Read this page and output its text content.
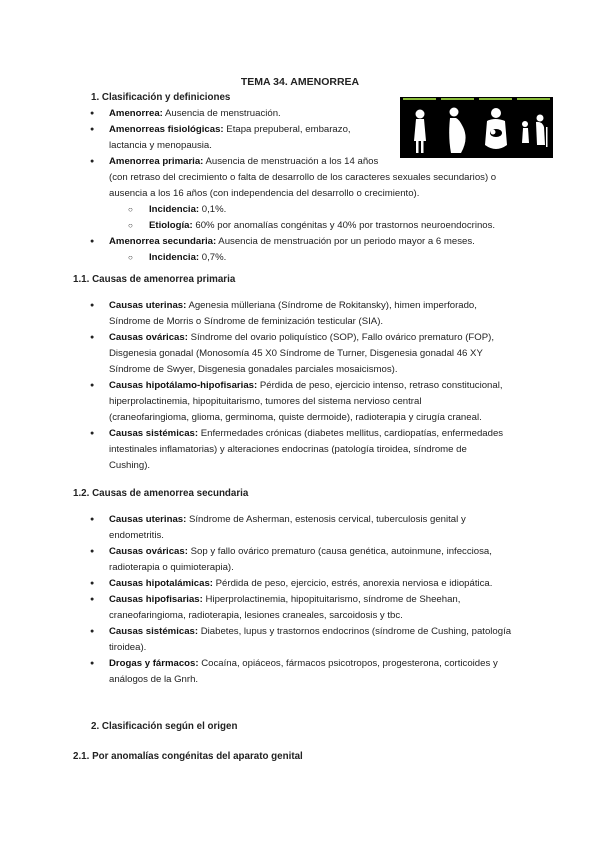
TEMA 34. AMENORREA
1. Clasificación y definiciones
● Amenorrea: Ausencia de menstruación.
● Amenorreas fisiológicas: Etapa prepuberal, embarazo,
lactancia y menopausia.
● Amenorrea primaria: Ausencia de menstruación a los 14 años
(con retraso del crecimiento o falta de desarrollo de los caracteres sexuales secundarios) o
ausencia a los 16 años (con independencia del desarrollo o crecimiento).
○ Incidencia: 0,1%.
○ Etiología: 60% por anomalías congénitas y 40% por trastornos neuroendocrinos.
● Amenorrea secundaria: Ausencia de menstruación por un periodo mayor a 6 meses.
○ Incidencia: 0,7%.
1.1. Causas de amenorrea primaria
● Causas uterinas: Agenesia mülleriana (Síndrome de Rokitansky), himen imperforado,
Síndrome de Morris o Síndrome de feminización testicular (SIA).
● Causas ováricas: Síndrome del ovario poliquístico (SOP), Fallo ovárico prematuro (FOP),
Disgenesia gonadal (Monosomía 45 X0 Síndrome de Turner, Disgenesia gonadal 46 XY
Síndrome de Swyer, Disgenesia gonadales parciales mosaicismos).
● Causas hipotálamo-hipofisarias: Pérdida de peso, ejercicio intenso, retraso constitucional,
hiperprolactinemia, hipopituitarismo, tumores del sistema nervioso central
(craneofaringioma, glioma, germinoma, quiste dermoide), radioterapia y cirugía craneal.
● Causas sistémicas: Enfermedades crónicas (diabetes mellitus, cardiopatías, enfermedades
intestinales inflamatorias) y alteraciones endocrinas (patología tiroidea, síndrome de
Cushing).
1.2. Causas de amenorrea secundaria
● Causas uterinas: Síndrome de Asherman, estenosis cervical, tuberculosis genital y
endometritis.
● Causas ováricas: Sop y fallo ovárico prematuro (causa genética, autoinmune, infecciosa,
radioterapia o quimioterapia).
● Causas hipotalámicas: Pérdida de peso, ejercicio, estrés, anorexia nerviosa e idiopática.
● Causas hipofisarias: Hiperprolactinemia, hipopituitarismo, síndrome de Sheehan,
craneofaringioma, radioterapia, lesiones craneales, sarcoidosis y tbc.
● Causas sistémicas: Diabetes, lupus y trastornos endocrinos (síndrome de Cushing, patología
tiroidea).
● Drogas y fármacos: Cocaína, opiáceos, fármacos psicotropos, progesterona, corticoides y
análogos de la Gnrh.
2. Clasificación según el origen
2.1. Por anomalías congénitas del aparato genital
